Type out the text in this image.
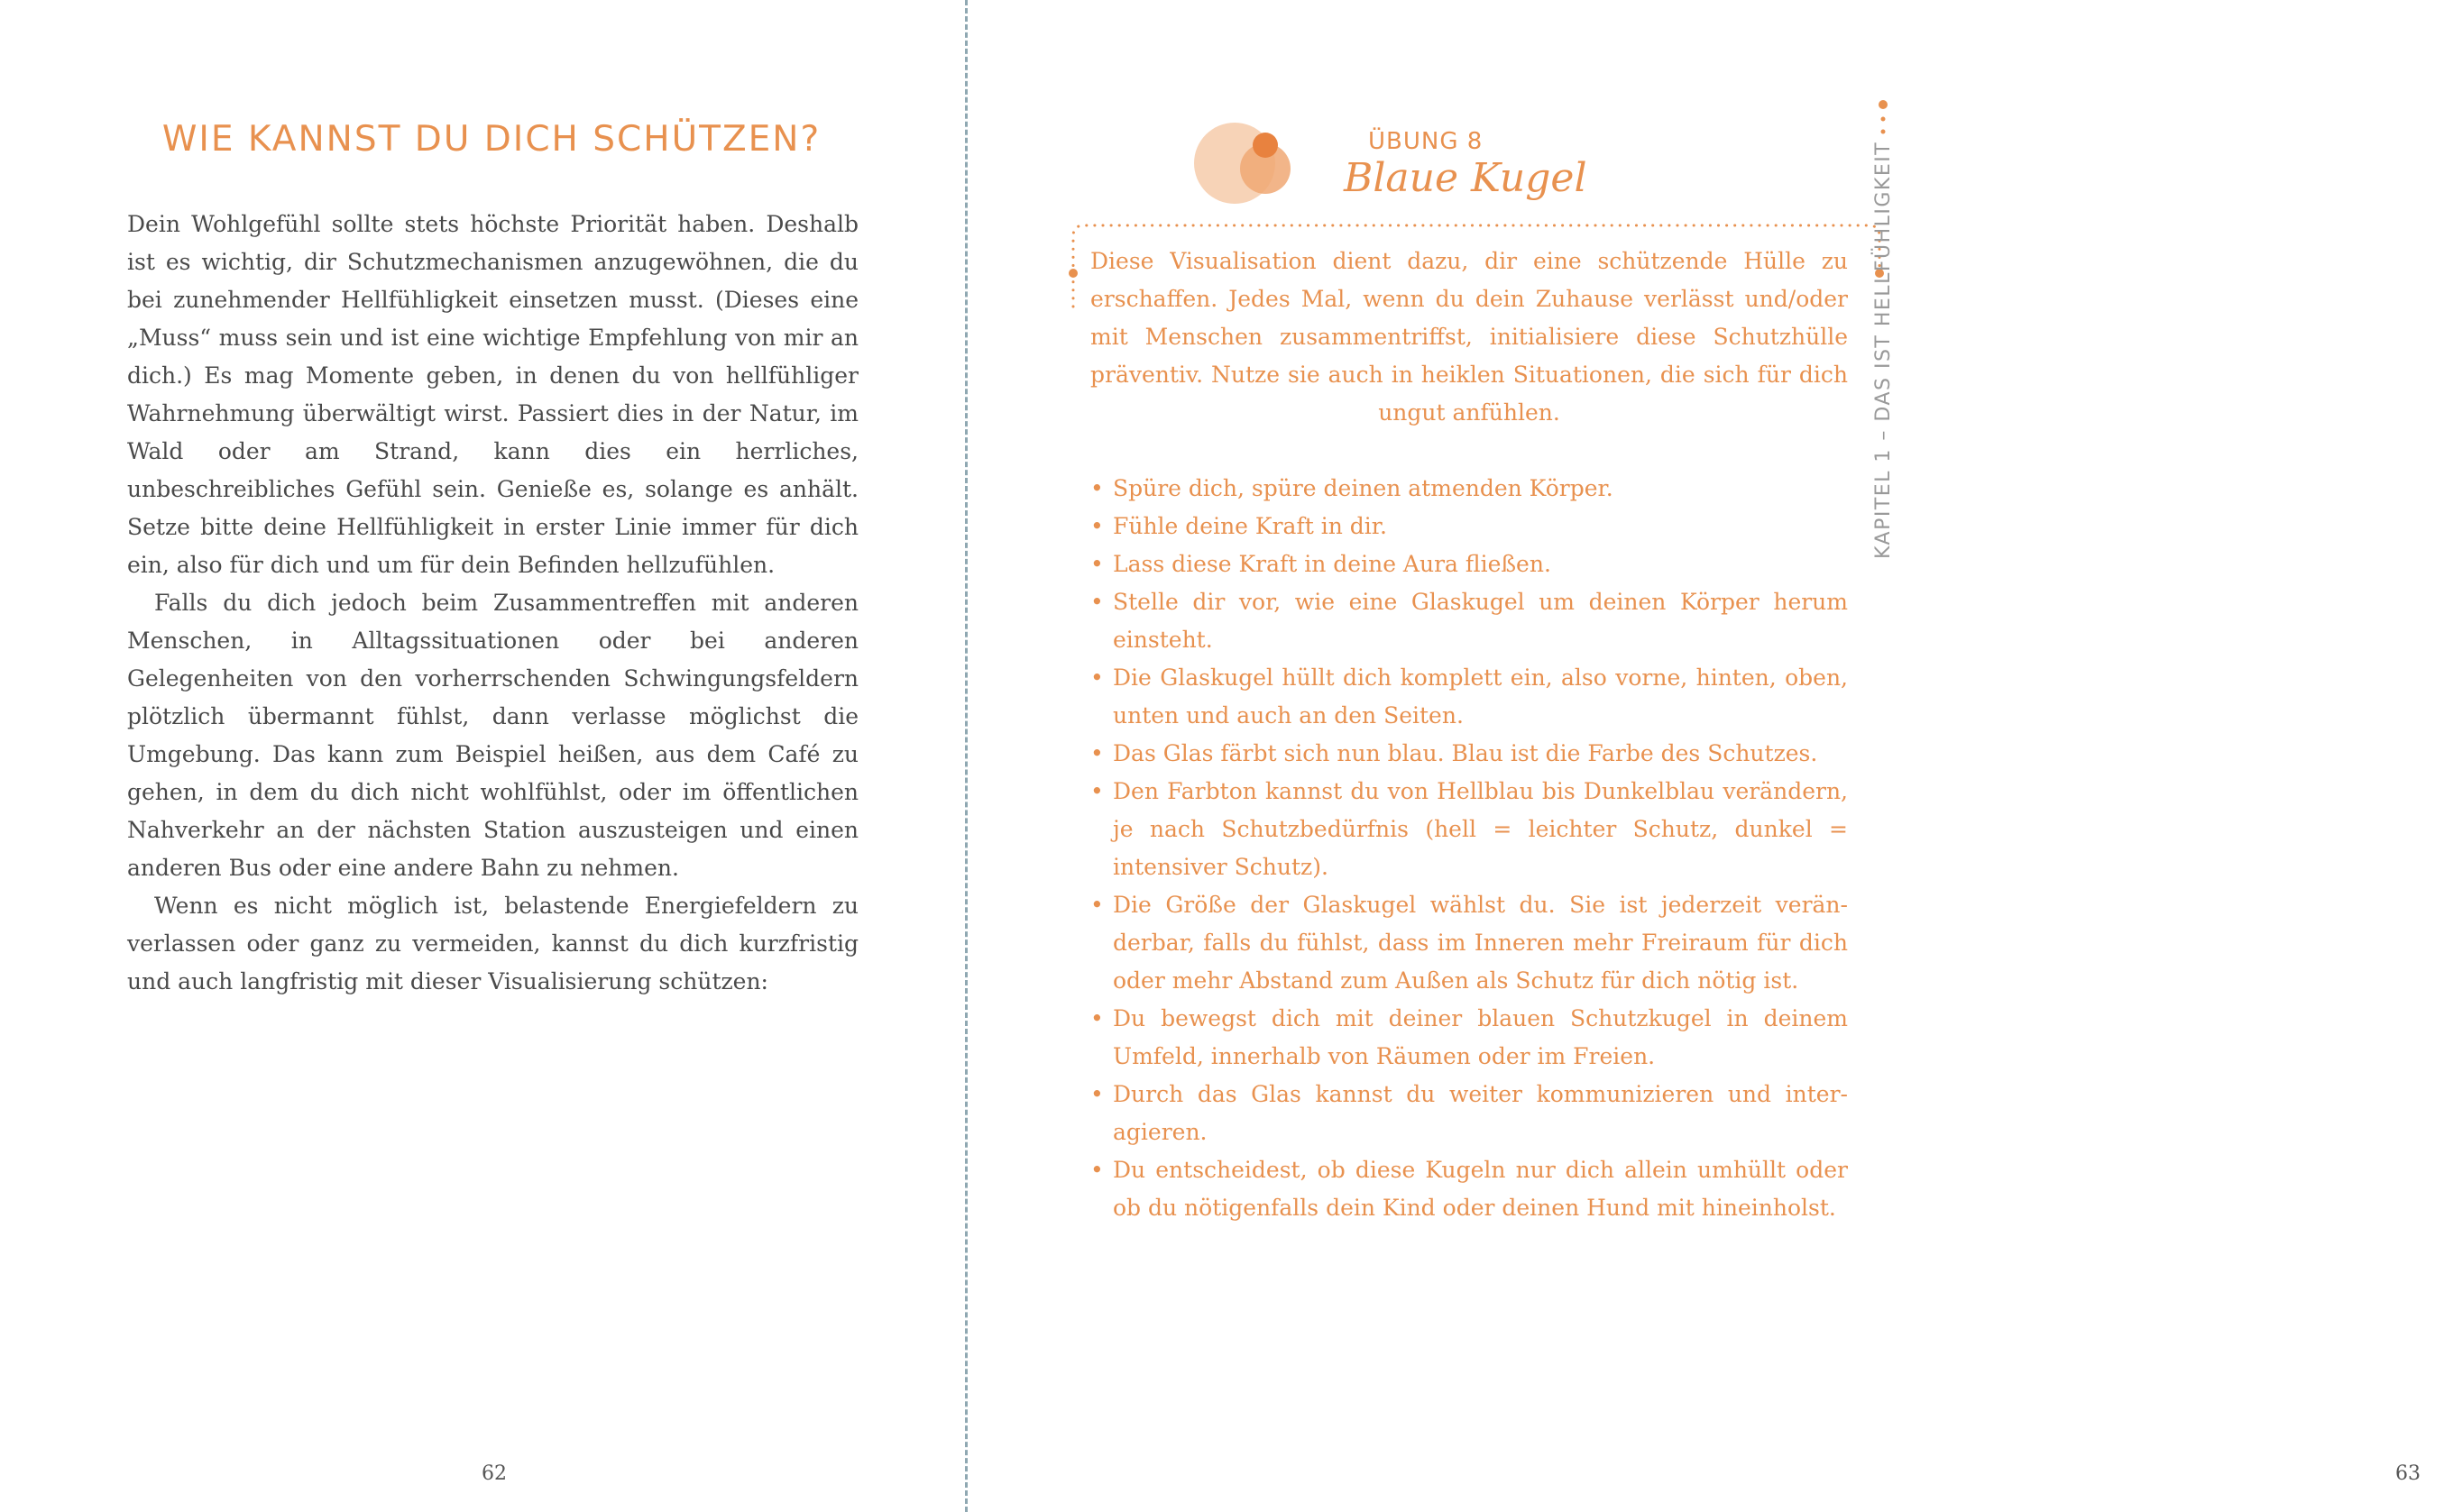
WIE KANNST DU DICH SCHÜTZEN?

Dein Wohlgefühl sollte stets höchste Priorität haben. Deshalb ist es wichtig, dir Schutzmechanismen anzugewöhnen, die du bei zunehmender Hellfühligkeit einsetzen musst. (Dieses eine „Muss“ muss sein und ist eine wichtige Empfehlung von mir an dich.) Es mag Momente geben, in denen du von hellfühliger Wahrnehmung überwältigt wirst. Passiert dies in der Natur, im Wald oder am Strand, kann dies ein herrliches, unbeschreibliches Gefühl sein. Genieße es, solange es anhält. Setze bitte deine Hellfühligkeit in erster Linie immer für dich ein, also für dich und um für dein Befinden hellzufühlen.

Falls du dich jedoch beim Zusammentreffen mit anderen Menschen, in Alltagssituationen oder bei anderen Gelegenheiten von den vorherrschenden Schwingungsfeldern plötzlich übermannt fühlst, dann verlasse möglichst die Umgebung. Das kann zum Beispiel heißen, aus dem Café zu gehen, in dem du dich nicht wohlfühlst, oder im öffentlichen Nahverkehr an der nächsten Station auszusteigen und einen anderen Bus oder eine andere Bahn zu nehmen.

Wenn es nicht möglich ist, belastende Energiefeldern zu verlassen oder ganz zu vermeiden, kannst du dich kurzfristig und auch langfristig mit dieser Visualisierung schützen:

62
ÜBUNG 8
Blaue Kugel

Diese Visualisation dient dazu, dir eine schützende Hülle zu erschaffen. Jedes Mal, wenn du dein Zuhause verlässt und/oder mit Menschen zusammentriffst, initialisiere diese Schutzhülle präventiv. Nutze sie auch in heiklen Situationen, die sich für dich ungut anfühlen.

• Spüre dich, spüre deinen atmenden Körper.
• Fühle deine Kraft in dir.
• Lass diese Kraft in deine Aura fließen.
• Stelle dir vor, wie eine Glaskugel um deinen Körper herum einsteht.
• Die Glaskugel hüllt dich komplett ein, also vorne, hinten, oben, unten und auch an den Seiten.
• Das Glas färbt sich nun blau. Blau ist die Farbe des Schutzes.
• Den Farbton kannst du von Hellblau bis Dunkelblau verändern, je nach Schutzbedürfnis (hell = leichter Schutz, dunkel = intensiver Schutz).
• Die Größe der Glaskugel wählst du. Sie ist jederzeit veränderbar, falls du fühlst, dass im Inneren mehr Freiraum für dich oder mehr Abstand zum Außen als Schutz für dich nötig ist.
• Du bewegst dich mit deiner blauen Schutzkugel in deinem Umfeld, innerhalb von Räumen oder im Freien.
• Durch das Glas kannst du weiter kommunizieren und interagieren.
• Du entscheidest, ob diese Kugeln nur dich allein umhüllt oder ob du nötigenfalls dein Kind oder deinen Hund mit hineinholst.
KAPITEL 1 – DAS IST HELLFÜHLIGKEIT
63
